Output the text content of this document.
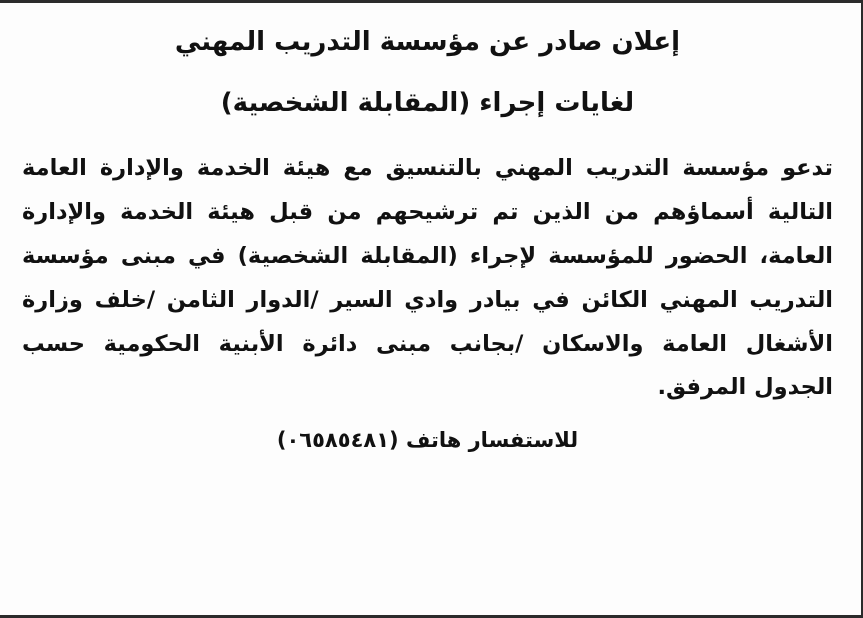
إعلان صادر عن مؤسسة التدريب المهني
لغايات إجراء (المقابلة الشخصية)
تدعو مؤسسة التدريب المهني بالتنسيق مع هيئة الخدمة والإدارة العامة التالية أسماؤهم من الذين تم ترشيحهم من قبل هيئة الخدمة والإدارة العامة، الحضور للمؤسسة لإجراء (المقابلة الشخصية) في مبنى مؤسسة التدريب المهني الكائن في بيادر وادي السير /الدوار الثامن /خلف وزارة الأشغال العامة والاسكان /بجانب مبنى دائرة الأبنية الحكومية حسب
الجدول المرفق.
للاستفسار هاتف (٠٦٥٨٥٤٨١)
